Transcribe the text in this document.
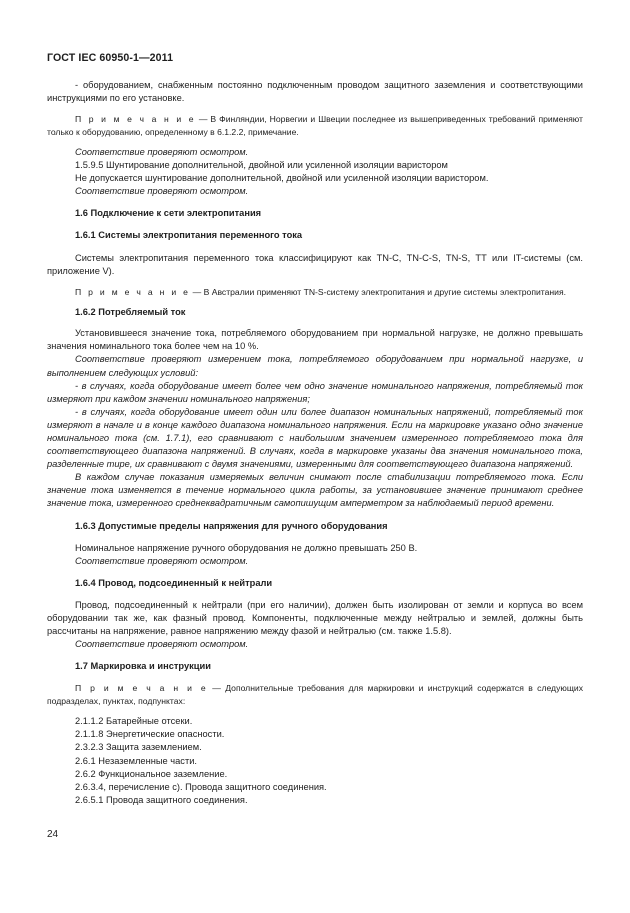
ГОСТ IEC 60950-1—2011

- оборудованием, снабженным постоянно подключенным проводом защитного заземления и соответствующими инструкциями по его установке.

П р и м е ч а н и е — В Финляндии, Норвегии и Швеции последнее из вышеприведенных требований применяют только к оборудованию, определенному в 6.1.2.2, примечание.

Соответствие проверяют осмотром.

1.5.9.5 Шунтирование дополнительной, двойной или усиленной изоляции варистором

Не допускается шунтирование дополнительной, двойной или усиленной изоляции варистором.

Соответствие проверяют осмотром.

1.6 Подключение к сети электропитания

1.6.1 Системы электропитания переменного тока

Системы электропитания переменного тока классифицируют как TN-C, TN-C-S, TN-S, TT или IT-системы (см. приложение V).

П р и м е ч а н и е — В Австралии применяют TN-S-систему электропитания и другие системы электропитания.

1.6.2 Потребляемый ток

Установившееся значение тока, потребляемого оборудованием при нормальной нагрузке, не должно превышать значения номинального тока более чем на 10 %.

Соответствие проверяют измерением тока, потребляемого оборудованием при нормальной нагрузке, и выполнением следующих условий:

- в случаях, когда оборудование имеет более чем одно значение номинального напряжения, потребляемый ток измеряют при каждом значении номинального напряжения;

- в случаях, когда оборудование имеет один или более диапазон номинальных напряжений, потребляемый ток измеряют в начале и в конце каждого диапазона номинального напряжения. Если на маркировке указано одно значение номинального тока (см. 1.7.1), его сравнивают с наибольшим значением измеренного потребляемого тока для соответствующего диапазона напряжений. В случаях, когда в маркировке указаны два значения номинального тока, разделенные тире, их сравнивают с двумя значениями, измеренными для соответствующего диапазона напряжений.

В каждом случае показания измеряемых величин снимают после стабилизации потребляемого тока. Если значение тока изменяется в течение нормального цикла работы, за установившее значение принимают среднее значение тока, измеренного среднеквадратичным самопишущим амперметром за наблюдаемый период времени.

1.6.3 Допустимые пределы напряжения для ручного оборудования

Номинальное напряжение ручного оборудования не должно превышать 250 В.

Соответствие проверяют осмотром.

1.6.4 Провод, подсоединенный к нейтрали

Провод, подсоединенный к нейтрали (при его наличии), должен быть изолирован от земли и корпуса во всем оборудовании так же, как фазный провод. Компоненты, подключенные между нейтралью и землей, должны быть рассчитаны на напряжение, равное напряжению между фазой и нейтралью (см. также 1.5.8).

Соответствие проверяют осмотром.

1.7 Маркировка и инструкции

П р и м е ч а н и е — Дополнительные требования для маркировки и инструкций содержатся в следующих подразделах, пунктах, подпунктах:

2.1.1.2 Батарейные отсеки.

2.1.1.8 Энергетические опасности.

2.3.2.3 Защита заземлением.

2.6.1 Незаземленные части.

2.6.2 Функциональное заземление.

2.6.3.4, перечисление с). Провода защитного соединения.

2.6.5.1 Провода защитного соединения.

24
